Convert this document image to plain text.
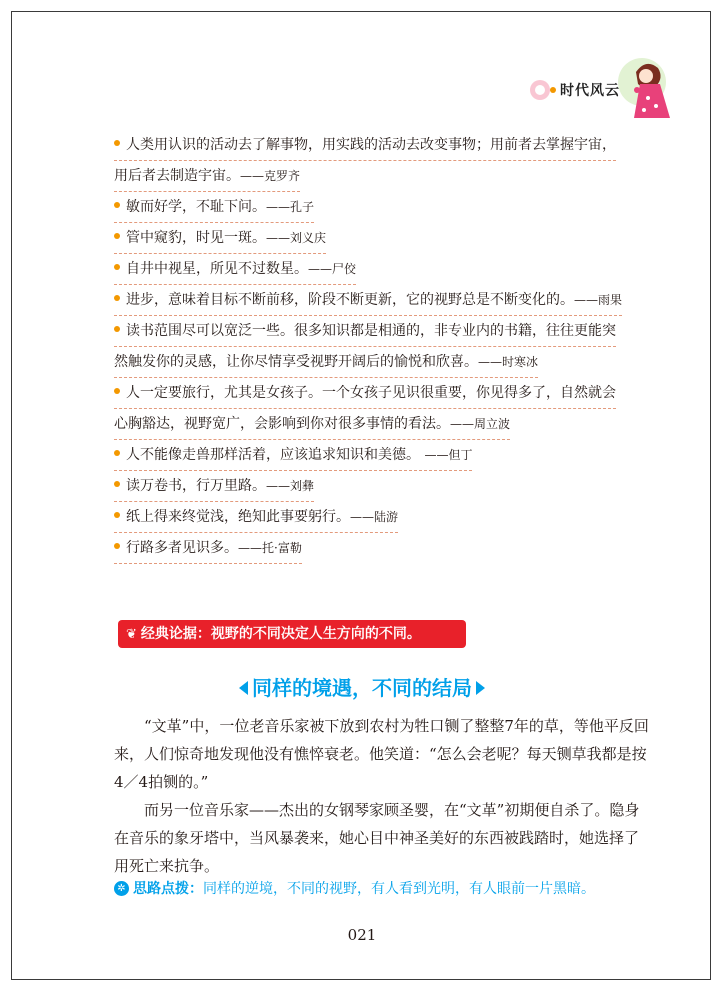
时代风云
人类用认识的活动去了解事物，用实践的活动去改变事物；用前者去掌握宇宙，
用后者去制造宇宙。——克罗齐
敏而好学，不耻下问。——孔子
管中窥豹，时见一斑。——刘义庆
自井中视星，所见不过数星。——尸佼
进步，意味着目标不断前移，阶段不断更新，它的视野总是不断变化的。——雨果
读书范围尽可以宽泛一些。很多知识都是相通的，非专业内的书籍，往往更能突
然触发你的灵感，让你尽情享受视野开阔后的愉悦和欣喜。——时寒冰
人一定要旅行，尤其是女孩子。一个女孩子见识很重要，你见得多了，自然就会
心胸豁达，视野宽广，会影响到你对很多事情的看法。——周立波
人不能像走兽那样活着，应该追求知识和美德。 ——但丁
读万卷书，行万里路。——刘彝
纸上得来终觉浅，绝知此事要躬行。——陆游
行路多者见识多。——托·富勒
❦ 经典论据：视野的不同决定人生方向的不同。
同样的境遇，不同的结局

“文革”中，一位老音乐家被下放到农村为牲口铡了整整7年的草，等他平反回来，人们惊奇地发现他没有憔悴衰老。他笑道：“怎么会老呢？每天铡草我都是按4／4拍铡的。”

而另一位音乐家——杰出的女钢琴家顾圣婴，在“文革”初期便自杀了。隐身在音乐的象牙塔中，当风暴袭来，她心目中神圣美好的东西被践踏时，她选择了用死亡来抗争。

✲ 思路点拨：同样的逆境，不同的视野，有人看到光明，有人眼前一片黑暗。
021
